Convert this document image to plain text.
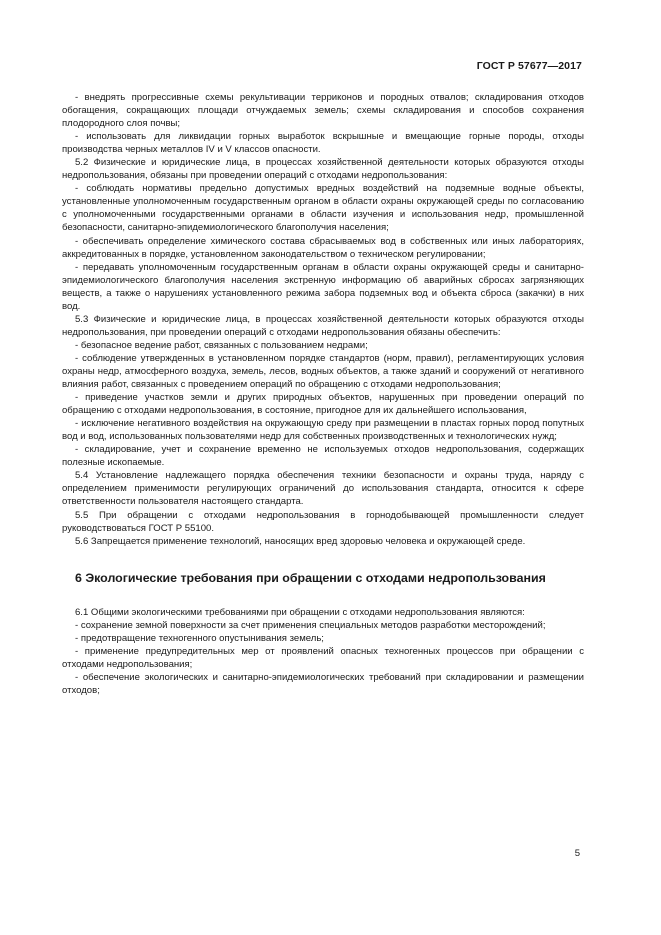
ГОСТ Р 57677—2017

- внедрять прогрессивные схемы рекультивации терриконов и породных отвалов; складирования отходов обогащения, сокращающих площади отчуждаемых земель; схемы складирования и способов сохранения плодородного слоя почвы;

- использовать для ликвидации горных выработок вскрышные и вмещающие горные породы, отходы производства черных металлов IV и V классов опасности.

5.2 Физические и юридические лица, в процессах хозяйственной деятельности которых образуются отходы недропользования, обязаны при проведении операций с отходами недропользования:

- соблюдать нормативы предельно допустимых вредных воздействий на подземные водные объекты, установленные уполномоченным государственным органом в области охраны окружающей среды по согласованию с уполномоченными государственными органами в области изучения и использования недр, промышленной безопасности, санитарно-эпидемиологического благополучия населения;

- обеспечивать определение химического состава сбрасываемых вод в собственных или иных лабораториях, аккредитованных в порядке, установленном законодательством о техническом регулировании;

- передавать уполномоченным государственным органам в области охраны окружающей среды и санитарно-эпидемиологического благополучия населения экстренную информацию об аварийных сбросах загрязняющих веществ, а также о нарушениях установленного режима забора подземных вод и объекта сброса (закачки) в них вод.

5.3 Физические и юридические лица, в процессах хозяйственной деятельности которых образуются отходы недропользования, при проведении операций с отходами недропользования обязаны обеспечить:

- безопасное ведение работ, связанных с пользованием недрами;

- соблюдение утвержденных в установленном порядке стандартов (норм, правил), регламентирующих условия охраны недр, атмосферного воздуха, земель, лесов, водных объектов, а также зданий и сооружений от негативного влияния работ, связанных с проведением операций по обращению с отходами недропользования;

- приведение участков земли и других природных объектов, нарушенных при проведении операций по обращению с отходами недропользования, в состояние, пригодное для их дальнейшего использования,

- исключение негативного воздействия на окружающую среду при размещении в пластах горных пород попутных вод и вод, использованных пользователями недр для собственных производственных и технологических нужд;

- складирование, учет и сохранение временно не используемых отходов недропользования, содержащих полезные ископаемые.

5.4 Установление надлежащего порядка обеспечения техники безопасности и охраны труда, наряду с определением применимости регулирующих ограничений до использования стандарта, относится к сфере ответственности пользователя настоящего стандарта.

5.5 При обращении с отходами недропользования в горнодобывающей промышленности следует руководствоваться ГОСТ Р 55100.

5.6 Запрещается применение технологий, наносящих вред здоровью человека и окружающей среде.

6 Экологические требования при обращении с отходами недропользования

6.1 Общими экологическими требованиями при обращении с отходами недропользования являются:

- сохранение земной поверхности за счет применения специальных методов разработки месторождений;

- предотвращение техногенного опустынивания земель;

- применение предупредительных мер от проявлений опасных техногенных процессов при обращении с отходами недропользования;

- обеспечение экологических и санитарно-эпидемиологических требований при складировании и размещении отходов;

5
